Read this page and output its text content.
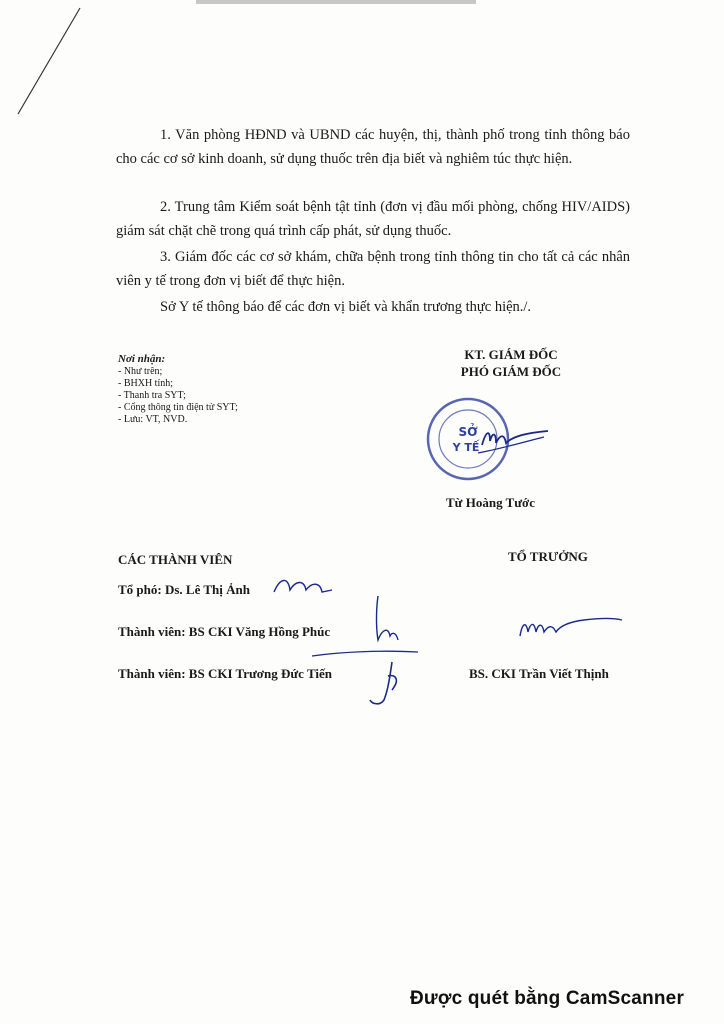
1. Văn phòng HĐND và UBND các huyện, thị, thành phố trong tỉnh thông báo cho các cơ sở kinh doanh, sử dụng thuốc trên địa biết và nghiêm túc thực hiện.

2. Trung tâm Kiểm soát bệnh tật tỉnh (đơn vị đầu mối phòng, chống HIV/AIDS) giám sát chặt chẽ trong quá trình cấp phát, sử dụng thuốc.

3. Giám đốc các cơ sở khám, chữa bệnh trong tỉnh thông tin cho tất cả các nhân viên y tế trong đơn vị biết để thực hiện.

Sở Y tế thông báo để các đơn vị biết và khẩn trương thực hiện./.

Nơi nhận:
- Như trên;
- BHXH tỉnh;
- Thanh tra SYT;
- Cổng thông tin điện tử SYT;
- Lưu: VT, NVD.
KT. GIÁM ĐỐC
PHÓ GIÁM ĐỐC
SỞ
Y TẾ
Từ Hoàng Tước
CÁC THÀNH VIÊN	TỔ TRƯỞNG
Tổ phó: Ds. Lê Thị Ảnh
Thành viên: BS CKI Văng Hồng Phúc
Thành viên: BS CKI Trương Đức Tiến	BS. CKI Trần Viết Thịnh
Được quét bằng CamScanner
